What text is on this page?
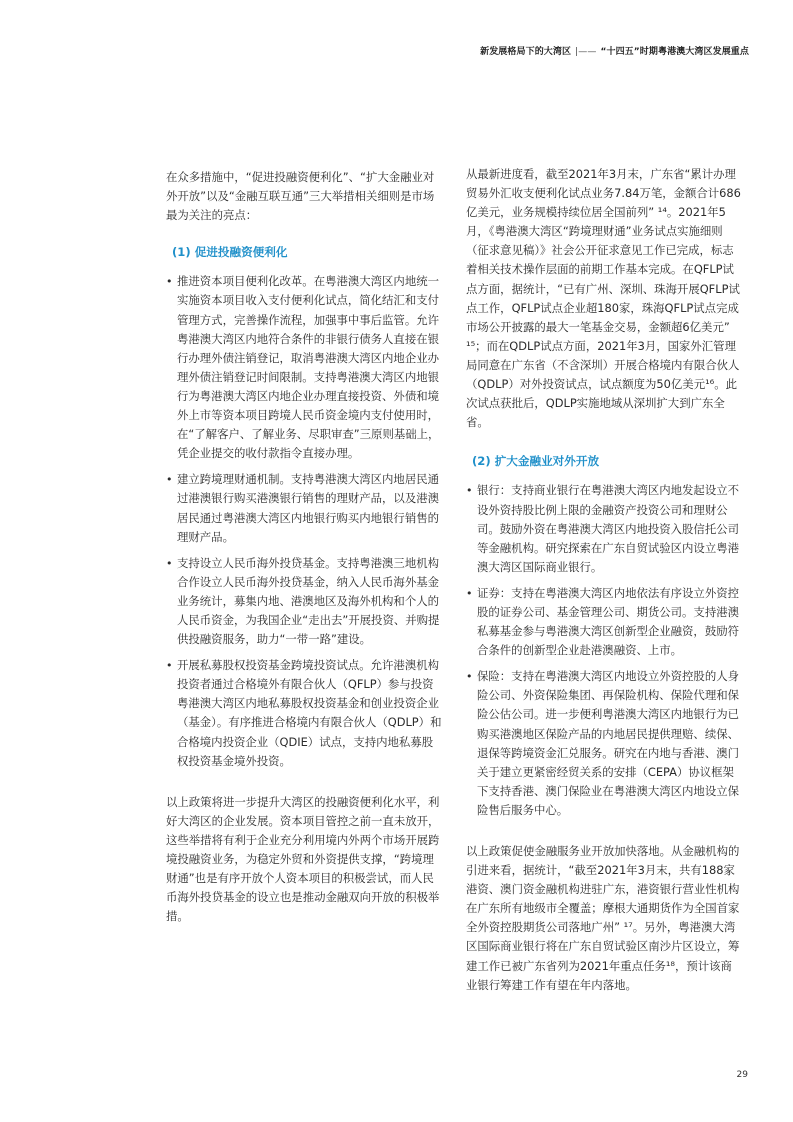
新发展格局下的大湾区 |—— “十四五”时期粤港澳大湾区发展重点

在众多措施中，“促进投融资便利化”、“扩大金融业对外开放”以及“金融互联互通”三大举措相关细则是市场最为关注的亮点：

(1) 促进投融资便利化
• 推进资本项目便利化改革。在粤港澳大湾区内地统一实施资本项目收入支付便利化试点，简化结汇和支付管理方式，完善操作流程，加强事中事后监管。允许粤港澳大湾区内地符合条件的非银行债务人直接在银行办理外债注销登记，取消粤港澳大湾区内地企业办理外债注销登记时间限制。支持粤港澳大湾区内地银行为粤港澳大湾区内地企业办理直接投资、外债和境外上市等资本项目跨境人民币资金境内支付使用时，在“了解客户、了解业务、尽职审查”三原则基础上，凭企业提交的收付款指令直接办理。
• 建立跨境理财通机制。支持粤港澳大湾区内地居民通过港澳银行购买港澳银行销售的理财产品，以及港澳居民通过粤港澳大湾区内地银行购买内地银行销售的理财产品。
• 支持设立人民币海外投贷基金。支持粤港澳三地机构合作设立人民币海外投贷基金，纳入人民币海外基金业务统计，募集内地、港澳地区及海外机构和个人的人民币资金，为我国企业“走出去”开展投资、并购提供投融资服务，助力“一带一路”建设。
• 开展私募股权投资基金跨境投资试点。允许港澳机构投资者通过合格境外有限合伙人（QFLP）参与投资粤港澳大湾区内地私募股权投资基金和创业投资企业（基金）。有序推进合格境内有限合伙人（QDLP）和合格境内投资企业（QDIE）试点，支持内地私募股权投资基金境外投资。

以上政策将进一步提升大湾区的投融资便利化水平，利好大湾区的企业发展。资本项目管控之前一直未放开，这些举措将有利于企业充分利用境内外两个市场开展跨境投融资业务，为稳定外贸和外资提供支撑，“跨境理财通”也是有序开放个人资本项目的积极尝试，而人民币海外投贷基金的设立也是推动金融双向开放的积极举措。

从最新进度看，截至2021年3月末，广东省“累计办理贸易外汇收支便利化试点业务7.84万笔，金额合计686亿美元，业务规模持续位居全国前列” ¹⁴。2021年5月，《粤港澳大湾区“跨境理财通”业务试点实施细则（征求意见稿）》社会公开征求意见工作已完成，标志着相关技术操作层面的前期工作基本完成。在QFLP试点方面，据统计，“已有广州、深圳、珠海开展QFLP试点工作，QFLP试点企业超180家，珠海QFLP试点完成市场公开披露的最大一笔基金交易，金额超6亿美元” ¹⁵；而在QDLP试点方面，2021年3月，国家外汇管理局同意在广东省（不含深圳）开展合格境内有限合伙人（QDLP）对外投资试点，试点额度为50亿美元¹⁶。此次试点获批后，QDLP实施地域从深圳扩大到广东全省。

(2) 扩大金融业对外开放
• 银行：支持商业银行在粤港澳大湾区内地发起设立不设外资持股比例上限的金融资产投资公司和理财公司。鼓励外资在粤港澳大湾区内地投资入股信托公司等金融机构。研究探索在广东自贸试验区内设立粤港澳大湾区国际商业银行。
• 证券：支持在粤港澳大湾区内地依法有序设立外资控股的证券公司、基金管理公司、期货公司。支持港澳私募基金参与粤港澳大湾区创新型企业融资，鼓励符合条件的创新型企业赴港澳融资、上市。
• 保险：支持在粤港澳大湾区内地设立外资控股的人身险公司、外资保险集团、再保险机构、保险代理和保险公估公司。进一步便利粤港澳大湾区内地银行为已购买港澳地区保险产品的内地居民提供理赔、续保、退保等跨境资金汇兑服务。研究在内地与香港、澳门关于建立更紧密经贸关系的安排（CEPA）协议框架下支持香港、澳门保险业在粤港澳大湾区内地设立保险售后服务中心。

以上政策促使金融服务业开放加快落地。从金融机构的引进来看，据统计，“截至2021年3月末，共有188家港资、澳门资金融机构进驻广东，港资银行营业性机构在广东所有地级市全覆盖；摩根大通期货作为全国首家全外资控股期货公司落地广州” ¹⁷。另外，粤港澳大湾区国际商业银行将在广东自贸试验区南沙片区设立，筹建工作已被广东省列为2021年重点任务¹⁸，预计该商业银行筹建工作有望在年内落地。

29
